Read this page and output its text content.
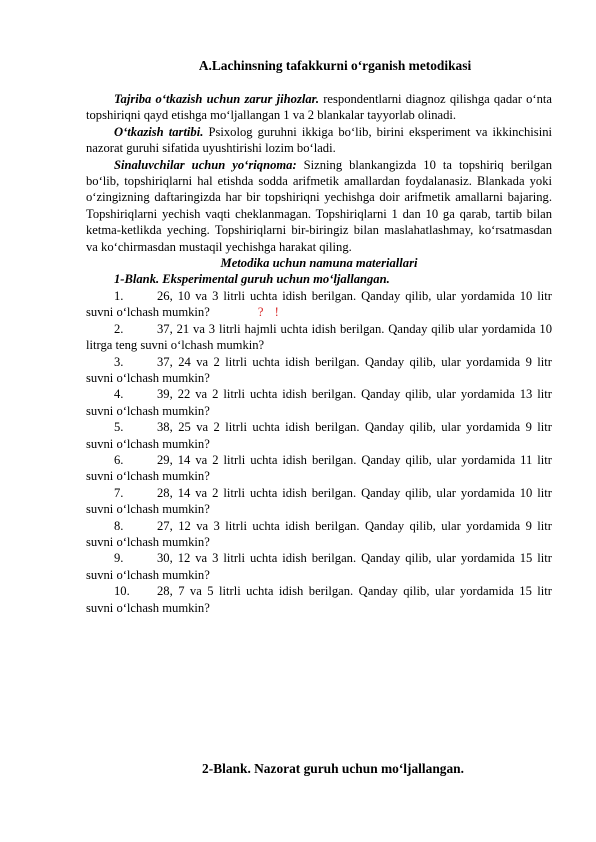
A.Lachinsning tafakkurni oʻrganish metodikasi

Tajriba oʻtkazish uchun zarur jihozlar. respondentlarni diagnoz qilishga qadar oʻnta topshiriqni qayd etishga moʻljallangan 1 va 2 blankalar tayyorlab olinadi.

Oʻtkazish tartibi. Psixolog guruhni ikkiga boʻlib, birini eksperiment va ikkinchisini nazorat guruhi sifatida uyushtirishi lozim boʻladi.

Sinaluvchilar uchun yoʻriqnoma: Sizning blankangizda 10 ta topshiriq berilgan boʻlib, topshiriqlarni hal etishda sodda arifmetik amallardan foydalanasiz. Blankada yoki oʻzingizning daftaringizda har bir topshiriqni yechishga doir arifmetik amallarni bajaring. Topshiriqlarni yechish vaqti cheklanmagan. Topshiriqlarni 1 dan 10 ga qarab, tartib bilan ketma-ketlikda yeching. Topshiriqlarni bir-biringiz bilan maslahatlashmay, koʻrsatmasdan va koʻchirmasdan mustaqil yechishga harakat qiling.

Metodika uchun namuna materiallari

1-Blank. Eksperimental guruh uchun moʻljallangan.

1.	26, 10 va 3 litrli uchta idish berilgan. Qanday qilib, ular yordamida 10 litr suvni oʻlchash mumkin?	? !

2.	37, 21 va 3 litrli hajmli uchta idish berilgan. Qanday qilib ular yordamida 10 litrga teng suvni oʻlchash mumkin?

3.	37, 24 va 2 litrli uchta idish berilgan. Qanday qilib, ular yordamida 9 litr suvni oʻlchash mumkin?

4.	39, 22 va 2 litrli uchta idish berilgan. Qanday qilib, ular yordamida 13 litr suvni oʻlchash mumkin?

5.	38, 25 va 2 litrli uchta idish berilgan. Qanday qilib, ular yordamida 9 litr suvni oʻlchash mumkin?

6.	29, 14 va 2 litrli uchta idish berilgan. Qanday qilib, ular yordamida 11 litr suvni oʻlchash mumkin?

7.	28, 14 va 2 litrli uchta idish berilgan. Qanday qilib, ular yordamida 10 litr suvni oʻlchash mumkin?

8.	27, 12 va 3 litrli uchta idish berilgan. Qanday qilib, ular yordamida 9 litr suvni oʻlchash mumkin?

9.	30, 12 va 3 litrli uchta idish berilgan. Qanday qilib, ular yordamida 15 litr suvni oʻlchash mumkin?

10. 28, 7 va 5 litrli uchta idish berilgan. Qanday qilib, ular yordamida 15 litr suvni oʻlchash mumkin?

2-Blank. Nazorat guruh uchun moʻljallangan.
